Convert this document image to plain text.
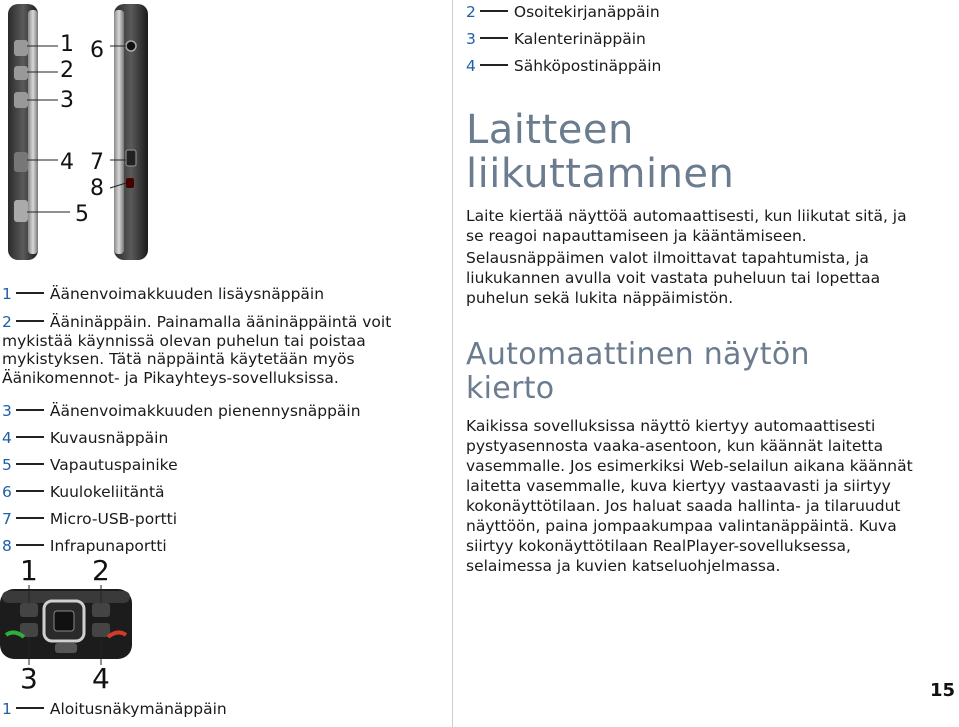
1
2
3
4
5
6
7
8
1 Äänenvoimakkuuden lisäysnäppäin
2 Ääninäppäin. Painamalla ääninäppäintä voit mykistää käynnissä olevan puhelun tai poistaa mykistyksen. Tätä näppäintä käytetään myös Äänikomennot- ja Pikayhteys-sovelluksissa.
3 Äänenvoimakkuuden pienennysnäppäin
4 Kuvausnäppäin
5 Vapautuspainike
6 Kuulokeliitäntä
7 Micro-USB-portti
8 Infrapunaportti
1 2
3 4
1 Aloitusnäkymänäppäin
2 Osoitekirjanäppäin
3 Kalenterinäppäin
4 Sähköpostinäppäin
Laitteen
liikuttaminen
Laite kiertää näyttöä automaattisesti, kun liikutat sitä, ja se reagoi napauttamiseen ja kääntämiseen.
Selausnäppäimen valot ilmoittavat tapahtumista, ja liukukannen avulla voit vastata puheluun tai lopettaa puhelun sekä lukita näppäimistön.
Automaattinen näytön
kierto
Kaikissa sovelluksissa näyttö kiertyy automaattisesti pystyasennosta vaaka-asentoon, kun käännät laitetta vasemmalle. Jos esimerkiksi Web-selailun aikana käännät laitetta vasemmalle, kuva kiertyy vastaavasti ja siirtyy kokonäyttötilaan. Jos haluat saada hallinta- ja tilaruudut näyttöön, paina jompaakumpaa valintanäppäintä. Kuva siirtyy kokonäyttötilaan RealPlayer-sovelluksessa, selaimessa ja kuvien katseluohjelmassa.
15
